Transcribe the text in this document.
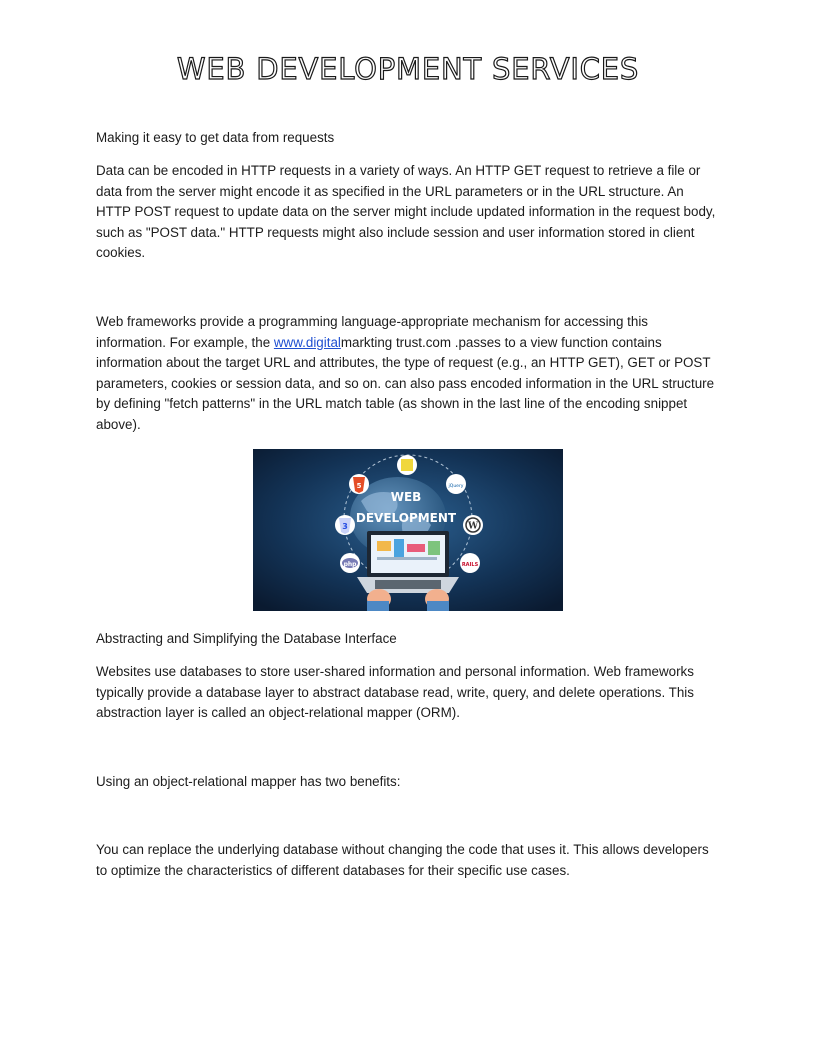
WEB DEVELOPMENT SERVICES
Making it easy to get data from requests
Data can be encoded in HTTP requests in a variety of ways. An HTTP GET request to retrieve a file or data from the server might encode it as specified in the URL parameters or in the URL structure. An HTTP POST request to update data on the server might include updated information in the request body, such as "POST data." HTTP requests might also include session and user information stored in client cookies.
Web frameworks provide a programming language-appropriate mechanism for accessing this information. For example, the www.digitalmarkting trust.com .passes to a view function contains information about the target URL and attributes, the type of request (e.g., an HTTP GET), GET or POST parameters, cookies or session data, and so on. can also pass encoded information in the URL structure by defining "fetch patterns" in the URL match table (as shown in the last line of the encoding snippet above).
WEB
DEVELOPMENT
5	jQuery
3	W
php	RAILS
Abstracting and Simplifying the Database Interface
Websites use databases to store user-shared information and personal information. Web frameworks typically provide a database layer to abstract database read, write, query, and delete operations. This abstraction layer is called an object-relational mapper (ORM).
Using an object-relational mapper has two benefits:
You can replace the underlying database without changing the code that uses it. This allows developers to optimize the characteristics of different databases for their specific use cases.
